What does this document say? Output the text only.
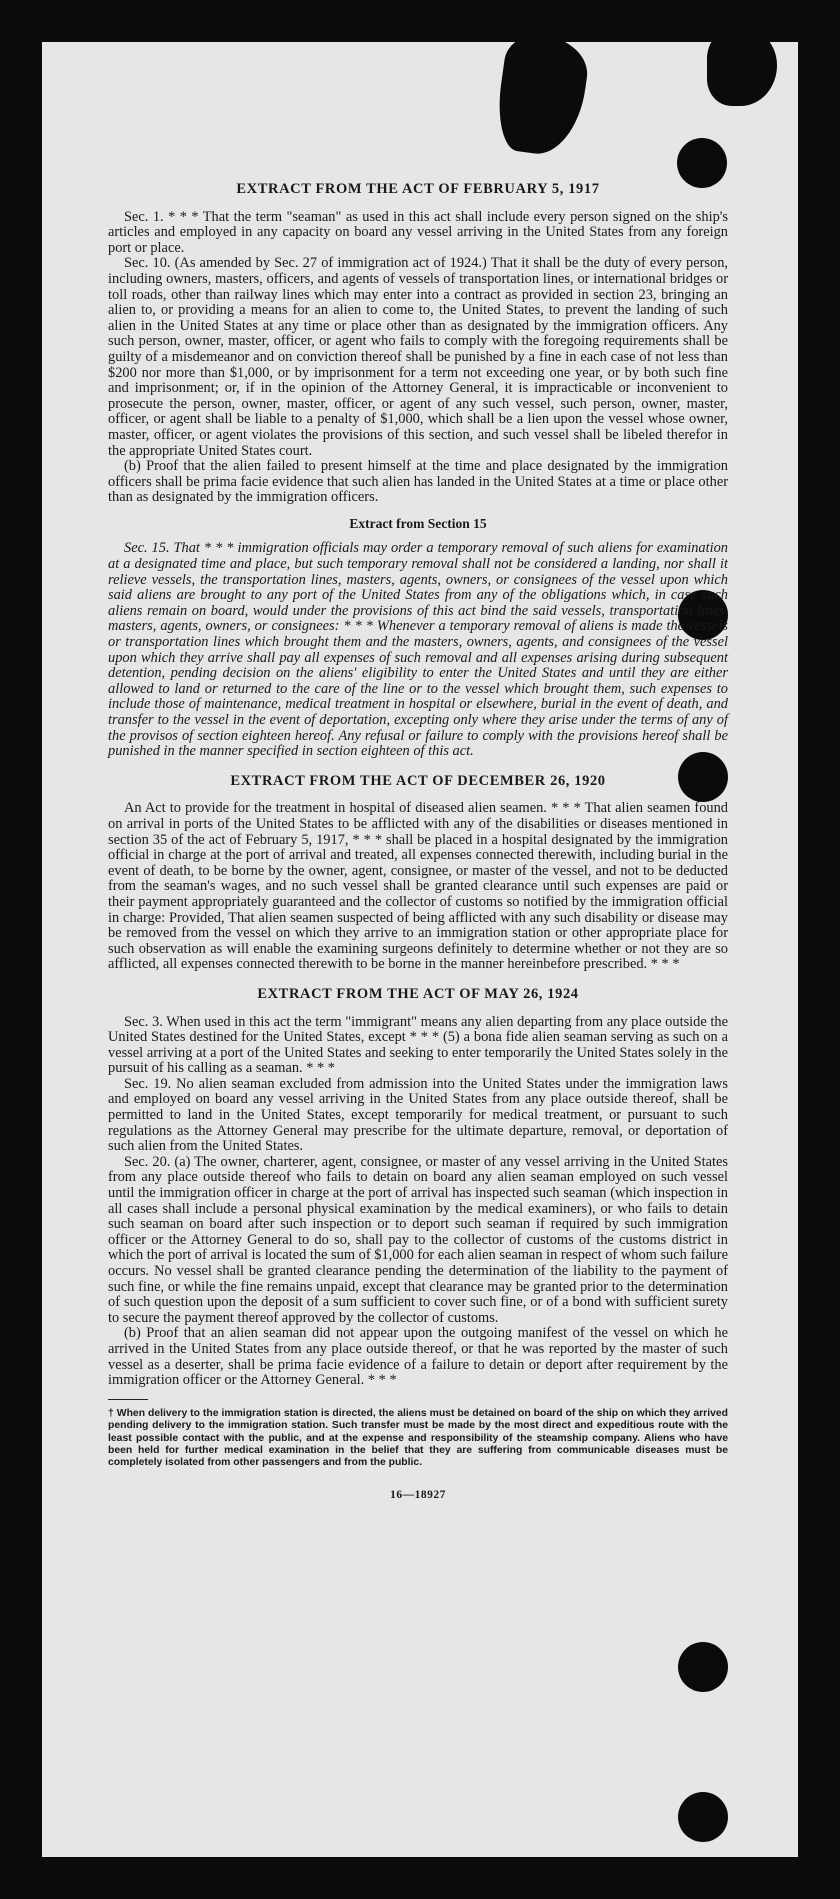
EXTRACT FROM THE ACT OF FEBRUARY 5, 1917

Sec. 1. * * * That the term "seaman" as used in this act shall include every person signed on the ship's articles and employed in any capacity on board any vessel arriving in the United States from any foreign port or place.

Sec. 10. (As amended by Sec. 27 of immigration act of 1924.) That it shall be the duty of every person, including owners, masters, officers, and agents of vessels of transportation lines, or international bridges or toll roads, other than railway lines which may enter into a contract as provided in section 23, bringing an alien to, or providing a means for an alien to come to, the United States, to prevent the landing of such alien in the United States at any time or place other than as designated by the immigration officers. Any such person, owner, master, officer, or agent who fails to comply with the foregoing requirements shall be guilty of a misdemeanor and on conviction thereof shall be punished by a fine in each case of not less than $200 nor more than $1,000, or by imprisonment for a term not exceeding one year, or by both such fine and imprisonment; or, if in the opinion of the Attorney General, it is impracticable or inconvenient to prosecute the person, owner, master, officer, or agent of any such vessel, such person, owner, master, officer, or agent shall be liable to a penalty of $1,000, which shall be a lien upon the vessel whose owner, master, officer, or agent violates the provisions of this section, and such vessel shall be libeled therefor in the appropriate United States court.

(b) Proof that the alien failed to present himself at the time and place designated by the immigration officers shall be prima facie evidence that such alien has landed in the United States at a time or place other than as designated by the immigration officers.

Extract from Section 15

Sec. 15. That * * * immigration officials may order a temporary removal of such aliens for examination at a designated time and place, but such temporary removal shall not be considered a landing, nor shall it relieve vessels, the transportation lines, masters, agents, owners, or consignees of the vessel upon which said aliens are brought to any port of the United States from any of the obligations which, in case such aliens remain on board, would under the provisions of this act bind the said vessels, transportation lines, masters, agents, owners, or consignees: * * * Whenever a temporary removal of aliens is made the vessels or transportation lines which brought them and the masters, owners, agents, and consignees of the vessel upon which they arrive shall pay all expenses of such removal and all expenses arising during subsequent detention, pending decision on the aliens' eligibility to enter the United States and until they are either allowed to land or returned to the care of the line or to the vessel which brought them, such expenses to include those of maintenance, medical treatment in hospital or elsewhere, burial in the event of death, and transfer to the vessel in the event of deportation, excepting only where they arise under the terms of any of the provisos of section eighteen hereof. Any refusal or failure to comply with the provisions hereof shall be punished in the manner specified in section eighteen of this act.

EXTRACT FROM THE ACT OF DECEMBER 26, 1920

An Act to provide for the treatment in hospital of diseased alien seamen. * * * That alien seamen found on arrival in ports of the United States to be afflicted with any of the disabilities or diseases mentioned in section 35 of the act of February 5, 1917, * * * shall be placed in a hospital designated by the immigration official in charge at the port of arrival and treated, all expenses connected therewith, including burial in the event of death, to be borne by the owner, agent, consignee, or master of the vessel, and not to be deducted from the seaman's wages, and no such vessel shall be granted clearance until such expenses are paid or their payment appropriately guaranteed and the collector of customs so notified by the immigration official in charge: Provided, That alien seamen suspected of being afflicted with any such disability or disease may be removed from the vessel on which they arrive to an immigration station or other appropriate place for such observation as will enable the examining surgeons definitely to determine whether or not they are so afflicted, all expenses connected therewith to be borne in the manner hereinbefore prescribed. * * *

EXTRACT FROM THE ACT OF MAY 26, 1924

Sec. 3. When used in this act the term "immigrant" means any alien departing from any place outside the United States destined for the United States, except * * * (5) a bona fide alien seaman serving as such on a vessel arriving at a port of the United States and seeking to enter temporarily the United States solely in the pursuit of his calling as a seaman. * * *

Sec. 19. No alien seaman excluded from admission into the United States under the immigration laws and employed on board any vessel arriving in the United States from any place outside thereof, shall be permitted to land in the United States, except temporarily for medical treatment, or pursuant to such regulations as the Attorney General may prescribe for the ultimate departure, removal, or deportation of such alien from the United States.

Sec. 20. (a) The owner, charterer, agent, consignee, or master of any vessel arriving in the United States from any place outside thereof who fails to detain on board any alien seaman employed on such vessel until the immigration officer in charge at the port of arrival has inspected such seaman (which inspection in all cases shall include a personal physical examination by the medical examiners), or who fails to detain such seaman on board after such inspection or to deport such seaman if required by such immigration officer or the Attorney General to do so, shall pay to the collector of customs of the customs district in which the port of arrival is located the sum of $1,000 for each alien seaman in respect of whom such failure occurs. No vessel shall be granted clearance pending the determination of the liability to the payment of such fine, or while the fine remains unpaid, except that clearance may be granted prior to the determination of such question upon the deposit of a sum sufficient to cover such fine, or of a bond with sufficient surety to secure the payment thereof approved by the collector of customs.

(b) Proof that an alien seaman did not appear upon the outgoing manifest of the vessel on which he arrived in the United States from any place outside thereof, or that he was reported by the master of such vessel as a deserter, shall be prima facie evidence of a failure to detain or deport after requirement by the immigration officer or the Attorney General. * * *

† When delivery to the immigration station is directed, the aliens must be detained on board of the ship on which they arrived pending delivery to the immigration station. Such transfer must be made by the most direct and expeditious route with the least possible contact with the public, and at the expense and responsibility of the steamship company. Aliens who have been held for further medical examination in the belief that they are suffering from communicable diseases must be completely isolated from other passengers and from the public.
16—18927
